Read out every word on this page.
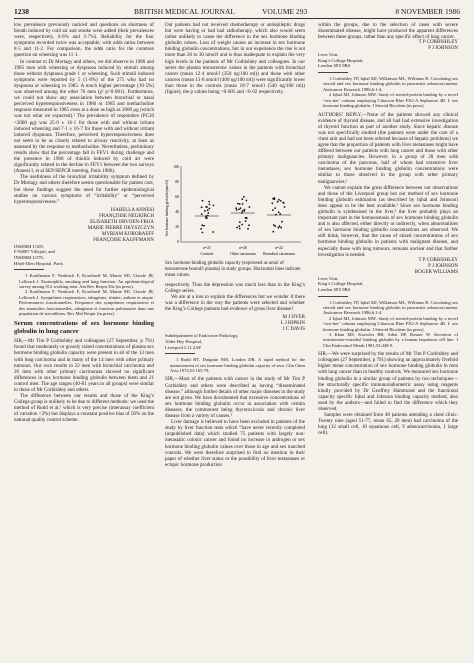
1238	BRITISH MEDICAL JOURNAL	VOLUME 293	8 NOVEMBER 1986

low prevalence previously noticed and questions on shortness of breath induced by cold air and smoke were added (their prevalences were, respectively, 0·6% and 3·7%). Reliability for the four symptoms recorded twice was acceptable, with odds ratios between 8·5 and 11·2. For comparison, the odds ratio for the common question on wheezing was 11·1.

In contrast to Dr Mortagy and others, we did observe in 1980 and 1985 men with wheezing or dyspnoea induced by stimuli among those without dyspnoea grade 1 or wheezing. Such stimuli induced symptoms were reported by 5 (1·8%) of the 275 who had no dyspnoea or wheezing in 1985. A much higher percentage (10·5%) was observed among the other 76 men (χ² p<0·001). Furthermore, we could not show any association between bronchial or nasal perceived hyperresponsiveness in 1980 or 1985 and methacholine response measured in 1985 even at a dose as high as 2000 μg (which was not what we expected).¹ The prevalence of responders (PC20 <2000 μg) was 25·0 ± 16·1 for those with and without irritant induced wheezing and 7·1 ± 16·7 for those with and without irritant induced dyspnoea. Therefore, perceived hyperresponsiveness does not seem to be as closely related to airway reactivity, at least as assessed by the response to methacholine. Nevertheless, preliminary results show that the percentage fall in FEV1 during challenge and the presence in 1980 of rhinitis induced by cold air were significantly related to the decline in FEV1 between the two surveys (Annesi I, et al SEP/SEPCR meeting, Paris 1986).

The usefulness of the bronchial irritability symptom defined by Dr Mortagy and others therefore seems questionable for patient care, but these findings suggest the need for further epidemiological studies on various symptoms of “irritability” or “perceived hyperresponsiveness.”

ISABELLA ANNESI
FRANÇOISE NEUKIRCH
ELISABETH ORVOEN-FRIJA
MARIE PIERRE OKYSZCZYN
MYRIAM KOROBAEFF
FRANÇOISE KAUFFMANN
INSERM U169,
F-94807 Villejuif, and
INSERM U179,
Hôtel-Dieu Hospital, Paris

1 Kauffmann F, Neukirch F, Korobaeff M, Marne MJ, Claude JR, Lellouch J. Eosinophils, smoking and lung function. An epidemiological survey among 912 working men. Am Rev Respir Dis (in press).

2 Kauffmann F, Neukirch F, Korobaeff M, Marne MJ, Claude JR, Lellouch J. Symptômes respiratoires, tabagisme, rhinite, asthme et atopie. Performances fonctionnelles. Fréquence des symptômes respiratoires et des anomalies fonctionnelles, tabagisme et fonction pulmonaire dans une population de travailleurs. Rev Mal Respir (in press).

Serum concentrations of sex hormone binding globulin in lung cancer

SIR,—Mr Tim P Corbishley and colleagues (27 September, p 791) found that moderately or grossly raised concentrations of plasma sex hormone binding globulin capacity were present in all of the 13 men with lung carcinoma and in many of the 14 men with other primary tumours. Our own results in 22 men with bronchial carcinoma and 26 men with other primary carcinomas showed no significant differences in sex hormone binding globulin between them and 21 control men. The age ranges (40-81 years in all groups) were similar to those of Mr Corbishley and others.

The difference between our results and those of the King’s College group is unlikely to be due to different methods: we used the method of Rudd et al,¹ which is very precise (interassay coefficient of variation <3%) but displays a constant positive bias of 50% on the national quality control scheme.

Our patients had not received chemotherapy or antiepileptic drugs but were having or had had radiotherapy, which also would seem rather unlikely to cause the difference in the sex hormone binding globulin values. Loss of weight causes an increase in sex hormone binding globulin concentrations, but in our experience the rise is not more than 20 to 30 nmol/l and is thus inadequate to explain the very high levels in the patients of Mr Corbishley and colleagues. In our series the plasma testosterone values in the patients with bronchial cancer (mean 12·4 nmol/l (358 ng/100 ml)) and those with other cancers (mean 13·8 nmol/l (400 ng/100 ml)) were significantly lower than those in the controls (mean 18·7 nmol/l (540 ng/100 ml)) (figure), the p values being <0·005 and <0·02 respectively.

Sex hormone binding globulin (nmol/l)
100
80
60
40
20
0
n=21	n=26	n=22
Controls	Other carcinoma Bronchial carcinoma
Sex hormone binding globulin capacity (expressed as nmol of testosterone bound/l plasma) in study groups. Horizontal lines indicate mean values.

respectively. Thus the depression was much less than in the King’s College series.

We are at a loss to explain the differences but we wonder if there was a difference in the way the patients were selected and whether the King’s College patients had evidence of gross liver disease?

M J DYER
L J HIPKIN
J C DAVIS
Subdepartment of Endocrine Pathology,
Alder Hey Hospital,
Liverpool L12 2AP

1 Rudd BT, Duignan NM, London DR. A rapid method for the measurement of sex hormone binding globulin capacity of sera. Clin Chim Acta 1974;55:165-78.

SIR,—Most of the patients with cancer in the study of Mr Tim P Corbishley and others were described as having “disseminated disease,” although further details of other major diseases in the study are not given. We have documented that excessive concentrations of sex hormone binding globulin occur in association with certain diseases, the commonest being thyrotoxicosis and chronic liver disease from a variety of causes.¹

Liver damage is believed to have been excluded in patients of the study by liver function tests which “have never recently completed (unpublished data) which studied 75 patients with largely non-metastatic colonic cancer and found no increase in androgen or sex hormone binding globulin values over those in age and sex matched controls. We were therefore surprised to find no mention in their paper of whether liver status or the possibility of liver metastases or ectopic hormone production

within the groups, due to the selection of cases with severe disseminated disease, might have produced the apparent differences between these groups, rather than any specific effect of lung cancer.

T P CORBISHLEY
P J JOHNSON
Liver Unit,
King’s College Hospital,
London SE5 9RS

1 Corbishley TP, Iqbal MJ, Wilkinson ML, Williams R. Circulating sex steroid and sex hormone binding globulin in pancreatic adenocarcinoma. Anticancer Research 1986;6:1-4.

2 Iqbal MJ, Johnson MW. Study of steroid-protein binding by a novel ‘two-tier’ column employing Cibacron Blue F3G-A Sepharose 4B. I: sex hormone binding globulin. J Steroid Biochem (in press).

AUTHORS’ REPLY,—None of the patients showed any clinical evidence of thyroid disease, and all had had extensive investigation of thyroid function as part of another study. Since hepatic disease was not specifically studied (the patients were under the care of a chest unit and had not been referred because of hepatic problems) we agree that the proportion of patients with liver metastases might have differed between our patients with lung cancer and those with other primary malignancies. However, in a group of 28 men with carcinoma of the pancreas, half of whom had extensive liver metastases, sex hormone binding globulin concentrations were similar to those observed in the group with other primary malignancies.¹

We cannot explain the great difference between our observations and those of the Liverpool group but our method of sex hormone binding globulin estimation (as described by Iqbal and Johnson) does appear to be the best available.² Since sex hormone binding globulin is synthesised in the liver,³ the liver probably plays an important part in the homoeostasis of sex hormone binding globulin and is also affected, either directly or indirectly, when abnormalities of sex hormone binding globulin concentrations are observed. We still think, however, that the cause of raised concentrations of sex hormone binding globulin in patients with malignant disease, and especially those with lung tumours, remains unclear and that further investigation is needed.

T P CORBISHLEY
P J JOHNSON
ROGER WILLIAMS
Liver Unit,
King’s College Hospital,
London SE5 9RS

1 Corbishley TP, Iqbal MJ, Wilkinson ML, Williams R. Circulating sex steroid and sex hormone binding globulin in pancreatic adenocarcinoma. Anticancer Research 1986;6:1-4.

2 Iqbal MJ, Johnson MW. Study of steroid-protein binding by a novel ‘two-tier’ column employing Cibacron Blue F3G-A Sepharose 4B. I: sex hormone binding globulin. J Steroid Biochem (in press).

3 Khan MS, Knowles BB, Aden DP, Rosner W. Secretion of testosterone-estradiol binding globulin by a human hepatoma cell line. J Clin Endocrinol Metab 1981;53:448-9.

SIR,—We were surprised by the results of Mr Tim P Corbishley and colleagues (27 September, p 791) showing an approximately fivefold higher mean concentration of sex hormone binding globulin in men with lung cancer than in healthy controls. We measured sex hormone binding globulin in a similar group of patients by two techniques—the structurally specific immunoradiometric assay using reagents kindly provided by Dr Geoffrey Hammond and the functional capacity specific Iqbal and Johnson binding capacity method, also used by the authors—and failed to find the difference which they observed.

Samples were obtained from 48 patients attending a chest clinic. Twenty nine (aged 51-77, mean 65, 20 men) had carcinoma of the lung (12 small cell, 10 squamous cell, 9 adenocarcinoma, 1 large cell).
